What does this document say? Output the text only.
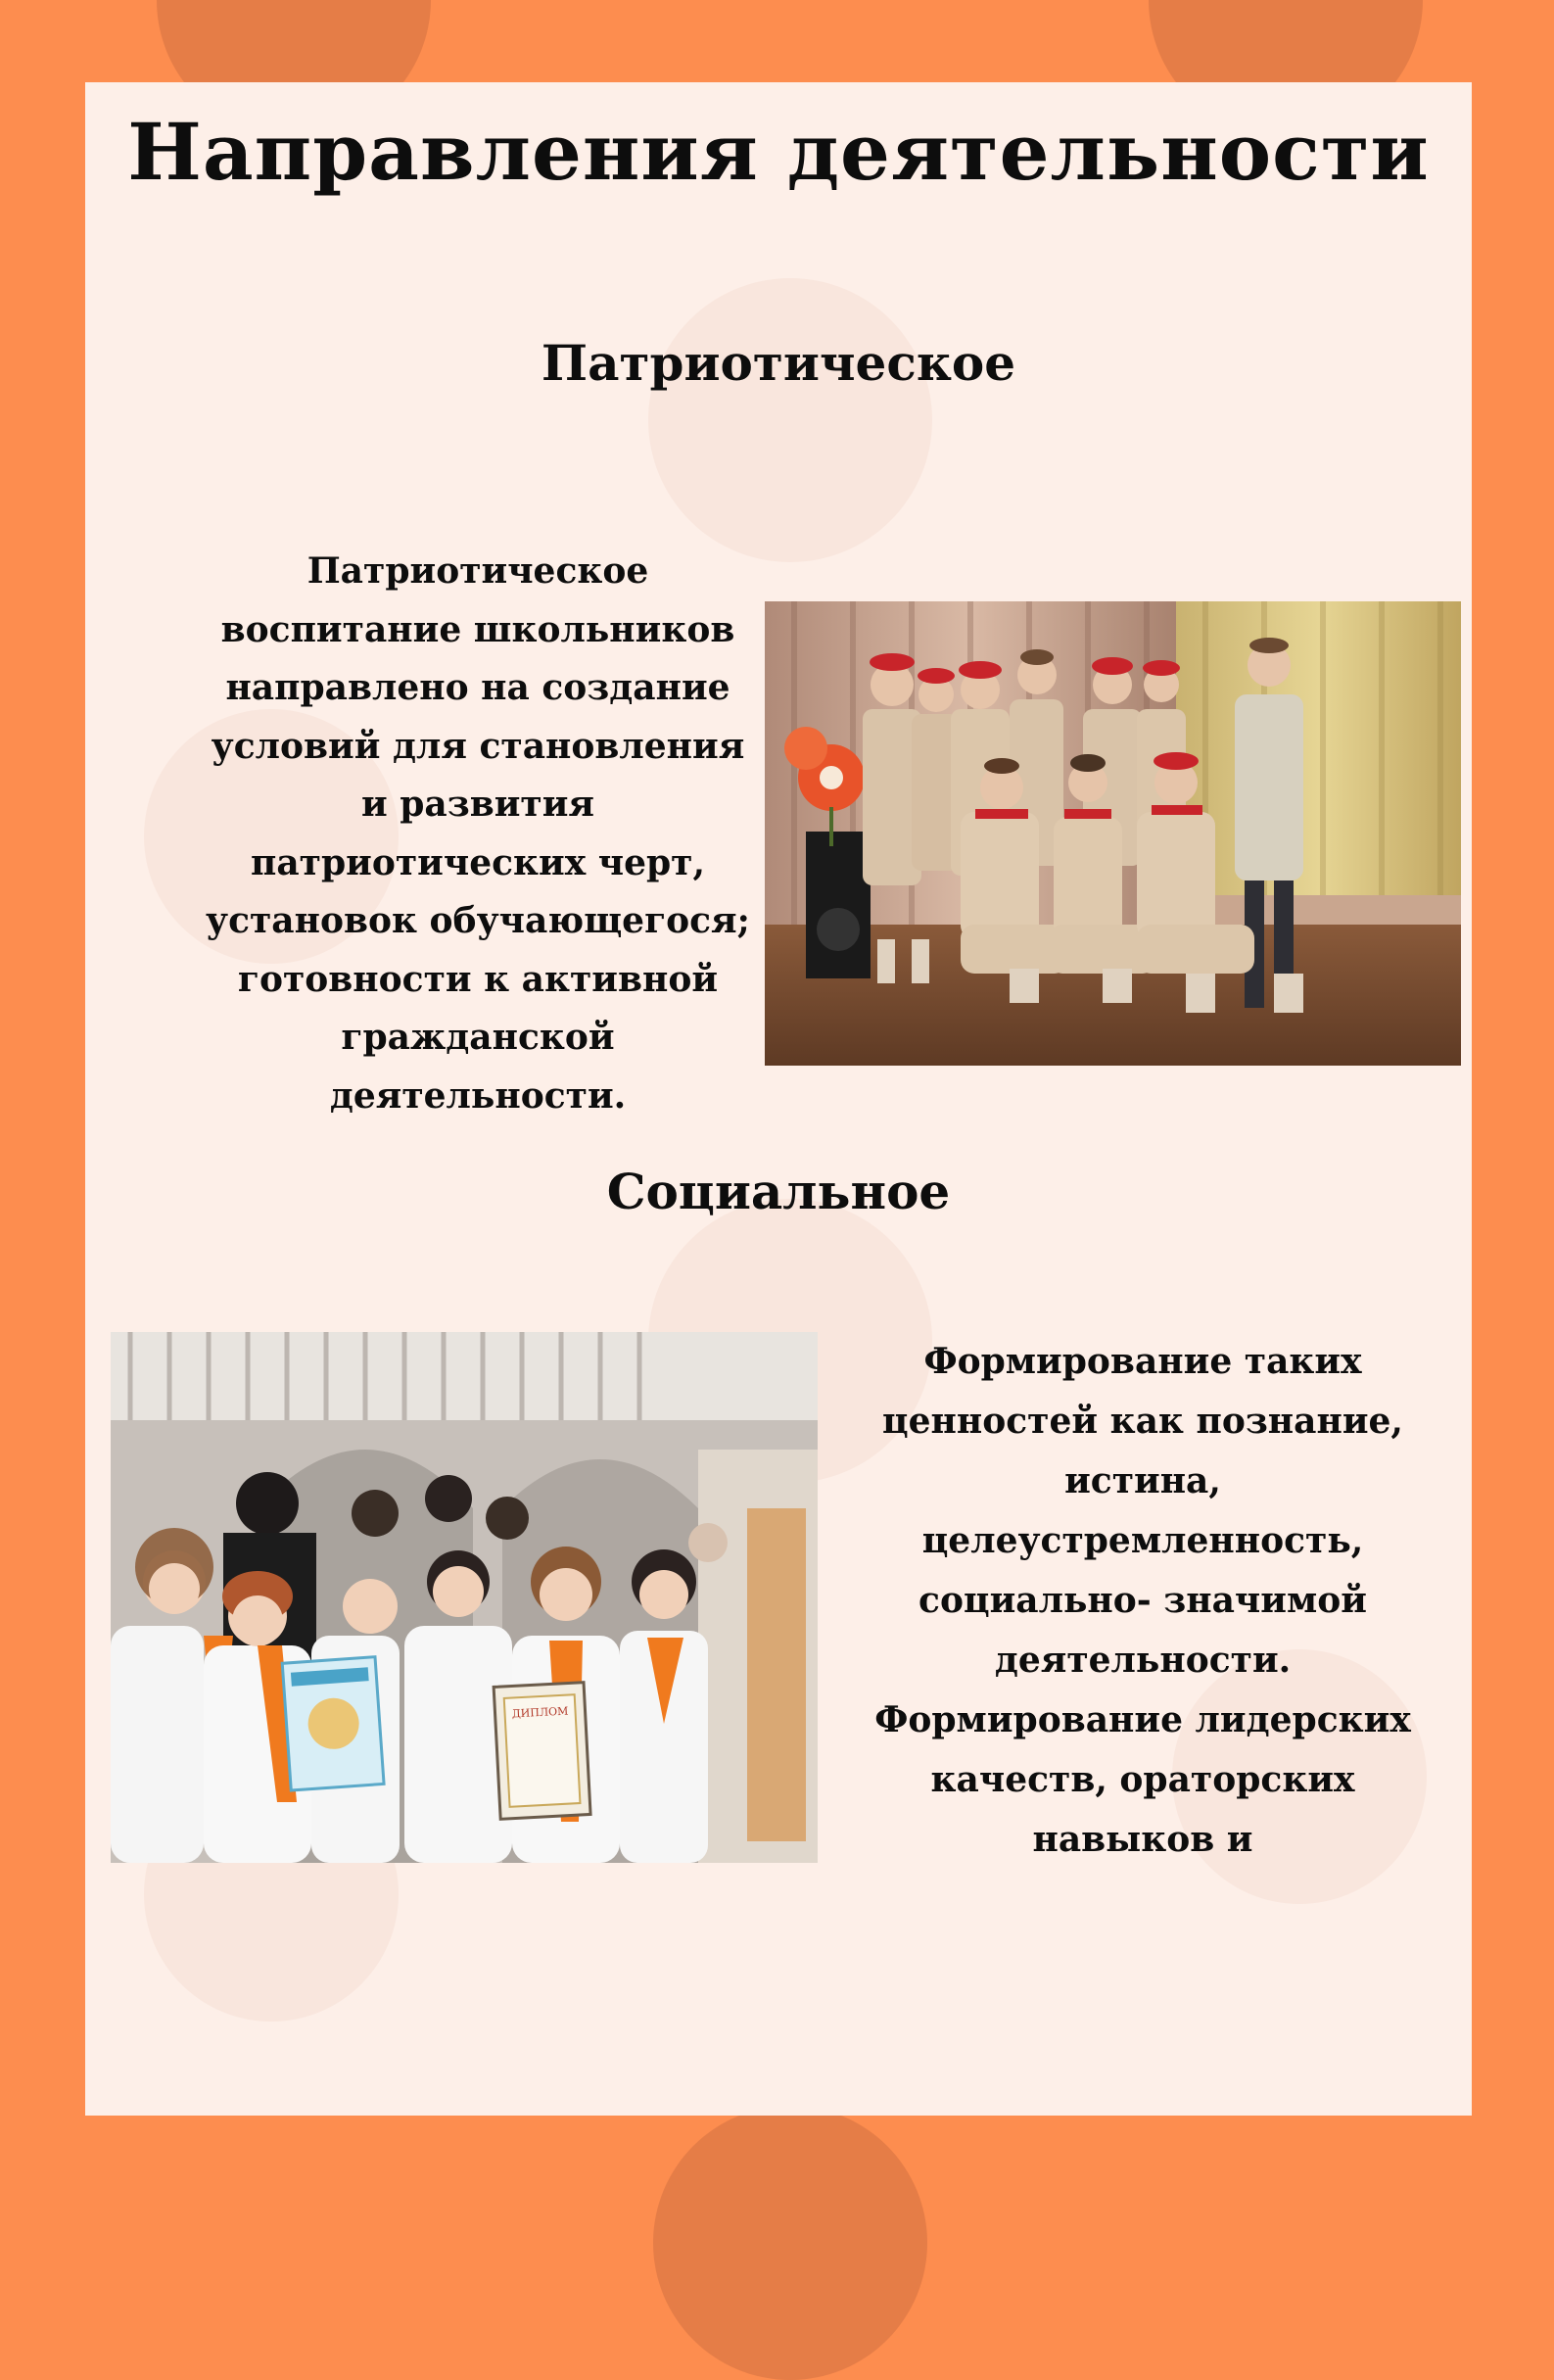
Направления деятельности
Патриотическое
Патриотическое
воспитание школьников
направлено на создание
условий для становления
и развития
патриотических черт,
установок обучающегося;
готовности к активной
гражданской
деятельности.
Социальное
ДИПЛОМ
Формирование таких
ценностей как познание,
истина,
целеустремленность,
социально- значимой
деятельности.
Формирование лидерских
качеств, ораторских
навыков и
